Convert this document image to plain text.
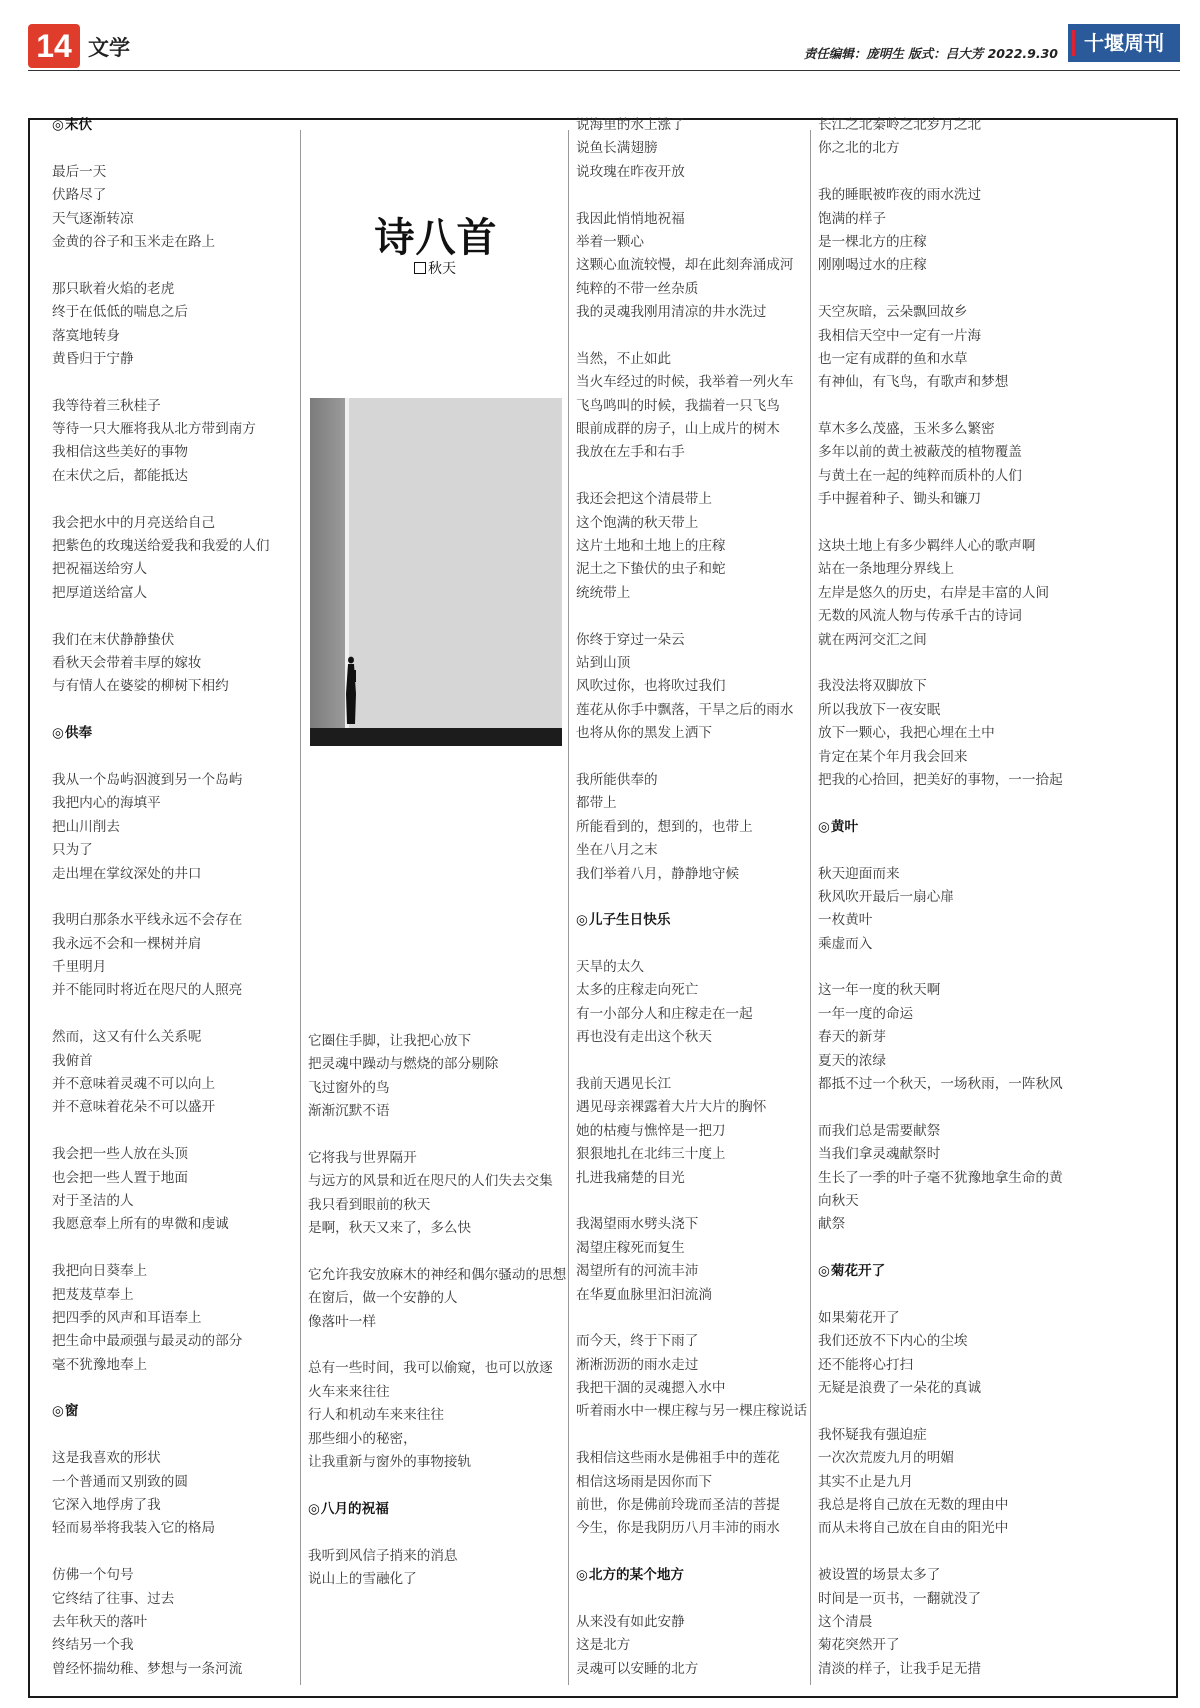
14 文学	责任编辑：庞明生 版式：吕大芳 2022.9.30	十堰周刊
诗八首
秋天
◎ 末伏
最后一天
伏路尽了
天气逐渐转凉
金黄的谷子和玉米走在路上
那只耿着火焰的老虎
终于在低低的喘息之后
落寞地转身
黄昏归于宁静
我等待着三秋桂子
等待一只大雁将我从北方带到南方
我相信这些美好的事物
在末伏之后，都能抵达
我会把水中的月亮送给自己
把紫色的玫瑰送给爱我和我爱的人们
把祝福送给穷人
把厚道送给富人
我们在末伏静静蛰伏
看秋天会带着丰厚的嫁妆
与有情人在婆娑的柳树下相约
◎ 供奉
我从一个岛屿泅渡到另一个岛屿
我把内心的海填平
把山川削去
只为了
走出埋在掌纹深处的井口
我明白那条水平线永远不会存在
我永远不会和一棵树并肩
千里明月
并不能同时将近在咫尺的人照亮
然而，这又有什么关系呢
我俯首
并不意味着灵魂不可以向上
并不意味着花朵不可以盛开
我会把一些人放在头顶
也会把一些人置于地面
对于圣洁的人
我愿意奉上所有的卑微和虔诚
我把向日葵奉上
把芨芨草奉上
把四季的风声和耳语奉上
把生命中最顽强与最灵动的部分
毫不犹豫地奉上
◎ 窗
这是我喜欢的形状
一个普通而又别致的圆
它深入地俘虏了我
轻而易举将我装入它的格局
仿佛一个句号
它终结了往事、过去
去年秋天的落叶
终结另一个我
曾经怀揣幼稚、梦想与一条河流
它圈住手脚，让我把心放下
把灵魂中躁动与燃烧的部分剔除
飞过窗外的鸟
渐渐沉默不语
它将我与世界隔开
与远方的风景和近在咫尺的人们失去交集
我只看到眼前的秋天
是啊，秋天又来了，多么快
它允许我安放麻木的神经和偶尔骚动的思想
在窗后，做一个安静的人
像落叶一样
总有一些时间，我可以偷窥，也可以放逐
火车来来往往
行人和机动车来来往往
那些细小的秘密，
让我重新与窗外的事物接轨
◎ 八月的祝福
我听到风信子捎来的消息
说山上的雪融化了
说海里的水上涨了
说鱼长满翅膀
说玫瑰在昨夜开放
我因此悄悄地祝福
举着一颗心
这颗心血流较慢，却在此刻奔涌成河
纯粹的不带一丝杂质
我的灵魂我刚用清凉的井水洗过
当然，不止如此
当火车经过的时候，我举着一列火车
飞鸟鸣叫的时候，我揣着一只飞鸟
眼前成群的房子，山上成片的树木
我放在左手和右手
我还会把这个清晨带上
这个饱满的秋天带上
这片土地和土地上的庄稼
泥土之下蛰伏的虫子和蛇
统统带上
你终于穿过一朵云
站到山顶
风吹过你，也将吹过我们
莲花从你手中飘落，干旱之后的雨水
也将从你的黑发上洒下
我所能供奉的
都带上
所能看到的，想到的，也带上
坐在八月之末
我们举着八月，静静地守候
◎ 儿子生日快乐
天旱的太久
太多的庄稼走向死亡
有一小部分人和庄稼走在一起
再也没有走出这个秋天
我前天遇见长江
遇见母亲裸露着大片大片的胸怀
她的枯瘦与憔悴是一把刀
狠狠地扎在北纬三十度上
扎进我痛楚的目光
我渴望雨水劈头浇下
渴望庄稼死而复生
渴望所有的河流丰沛
在华夏血脉里汩汩流淌
而今天，终于下雨了
淅淅沥沥的雨水走过
我把干涸的灵魂摁入水中
听着雨水中一棵庄稼与另一棵庄稼说话
我相信这些雨水是佛祖手中的莲花
相信这场雨是因你而下
前世，你是佛前玲珑而圣洁的菩提
今生，你是我阴历八月丰沛的雨水
◎ 北方的某个地方
从来没有如此安静
这是北方
灵魂可以安睡的北方
长江之北秦岭之北岁月之北
你之北的北方
我的睡眠被昨夜的雨水洗过
饱满的样子
是一棵北方的庄稼
刚刚喝过水的庄稼
天空灰暗，云朵飘回故乡
我相信天空中一定有一片海
也一定有成群的鱼和水草
有神仙，有飞鸟，有歌声和梦想
草木多么茂盛，玉米多么繁密
多年以前的黄土被蔽茂的植物覆盖
与黄土在一起的纯粹而质朴的人们
手中握着种子、锄头和镰刀
这块土地上有多少羁绊人心的歌声啊
站在一条地理分界线上
左岸是悠久的历史，右岸是丰富的人间
无数的风流人物与传承千古的诗词
就在两河交汇之间
我没法将双脚放下
所以我放下一夜安眠
放下一颗心，我把心埋在土中
肯定在某个年月我会回来
把我的心拾回，把美好的事物，一一拾起
◎ 黄叶
秋天迎面而来
秋风吹开最后一扇心扉
一枚黄叶
乘虚而入
这一年一度的秋天啊
一年一度的命运
春天的新芽
夏天的浓绿
都抵不过一个秋天，一场秋雨，一阵秋风
而我们总是需要献祭
当我们拿灵魂献祭时
生长了一季的叶子毫不犹豫地拿生命的黄
向秋天
献祭
◎ 菊花开了
如果菊花开了
我们还放不下内心的尘埃
还不能将心打扫
无疑是浪费了一朵花的真诚
我怀疑我有强迫症
一次次荒废九月的明媚
其实不止是九月
我总是将自己放在无数的理由中
而从未将自己放在自由的阳光中
被设置的场景太多了
时间是一页书，一翻就没了
这个清晨
菊花突然开了
清淡的样子，让我手足无措
